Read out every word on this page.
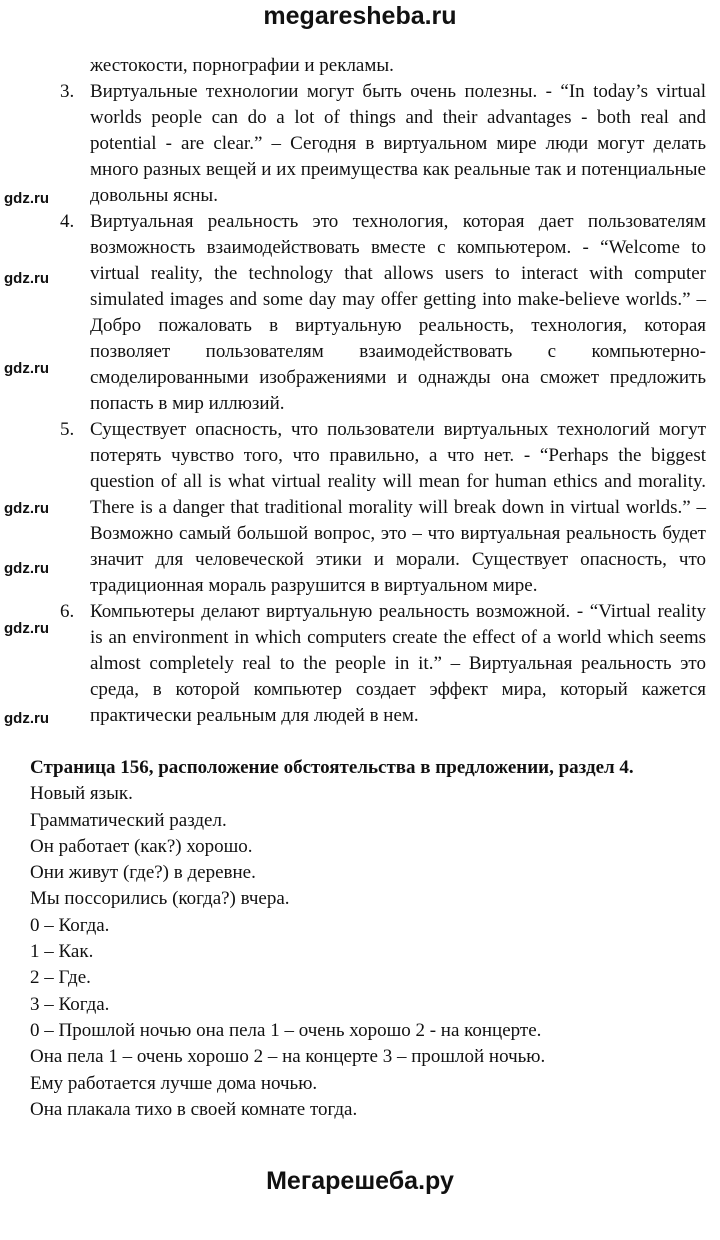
megaresheba.ru
жестокости, порнографии и рекламы.
3. Виртуальные технологии могут быть очень полезны. - “In today’s virtual worlds people can do a lot of things and their advantages - both real and potential - are clear.” – Сегодня в виртуальном мире люди могут делать много разных вещей и их преимущества как реальные так и потенциальные довольны ясны.
4. Виртуальная реальность это технология, которая дает пользователям возможность взаимодействовать вместе с компьютером. - “Welcome to virtual reality, the technology that allows users to interact with computer simulated images and some day may offer getting into make-believe worlds.” – Добро пожаловать в виртуальную реальность, технология, которая позволяет пользователям взаимодействовать с компьютерно-смоделированными изображениями и однажды она сможет предложить попасть в мир иллюзий.
5. Существует опасность, что пользователи виртуальных технологий могут потерять чувство того, что правильно, а что нет. - “Perhaps the biggest question of all is what virtual reality will mean for human ethics and morality. There is a danger that traditional morality will break down in virtual worlds.” – Возможно самый большой вопрос, это – что виртуальная реальность будет значит для человеческой этики и морали. Существует опасность, что традиционная мораль разрушится в виртуальном мире.
6. Компьютеры делают виртуальную реальность возможной. - “Virtual reality is an environment in which computers create the effect of a world which seems almost completely real to the people in it.” – Виртуальная реальность это среда, в которой компьютер создает эффект мира, который кажется практически реальным для людей в нем.
Страница 156, расположение обстоятельства в предложении, раздел 4.
Новый язык.
Грамматический раздел.
Он работает (как?) хорошо.
Они живут (где?) в деревне.
Мы поссорились (когда?) вчера.
0 – Когда.
1 – Как.
2 – Где.
3 – Когда.
0 – Прошлой ночью она пела 1 – очень хорошо 2 - на концерте.
Она пела 1 – очень хорошо 2 – на концерте 3 – прошлой ночью.
Ему работается лучше дома ночью.
Она плакала тихо в своей комнате тогда.
Мегарешеба.ру
gdz.ru
gdz.ru
gdz.ru
gdz.ru
gdz.ru
gdz.ru
gdz.ru
